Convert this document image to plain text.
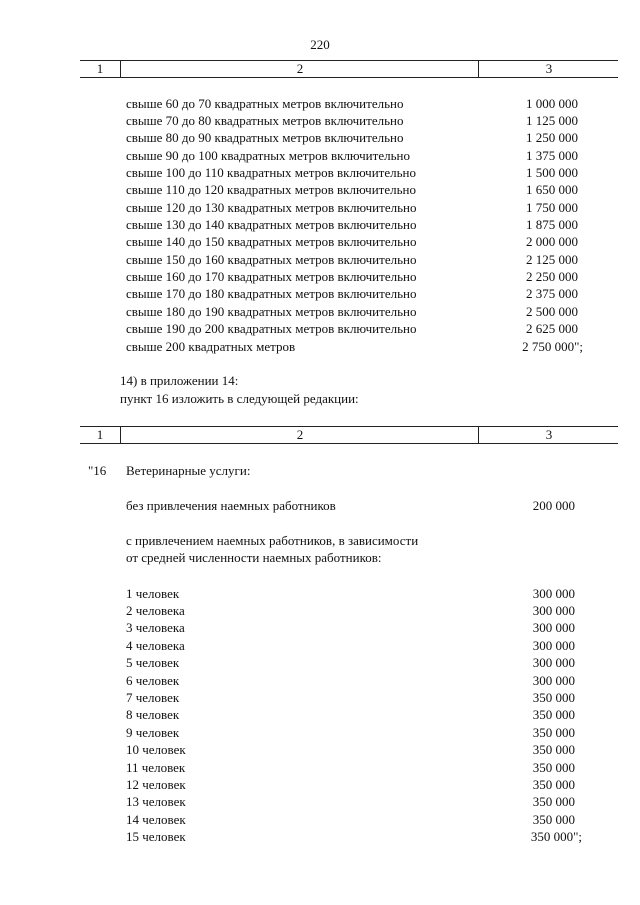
220
1	2	3
свыше 60 до 70 квадратных метров включительно	1 000 000
свыше 70 до 80 квадратных метров включительно	1 125 000
свыше 80 до 90 квадратных метров включительно	1 250 000
свыше 90 до 100 квадратных метров включительно	1 375 000
свыше 100 до 110 квадратных метров включительно	1 500 000
свыше 110 до 120 квадратных метров включительно	1 650 000
свыше 120 до 130 квадратных метров включительно	1 750 000
свыше 130 до 140 квадратных метров включительно	1 875 000
свыше 140 до 150 квадратных метров включительно	2 000 000
свыше 150 до 160 квадратных метров включительно	2 125 000
свыше 160 до 170 квадратных метров включительно	2 250 000
свыше 170 до 180 квадратных метров включительно	2 375 000
свыше 180 до 190 квадратных метров включительно	2 500 000
свыше 190 до 200 квадратных метров включительно	2 625 000
свыше 200 квадратных метров	2 750 000";
14) в приложении 14:
пункт 16 изложить в следующей редакции:
1	2	3
"16 Ветеринарные услуги:
без привлечения наемных работников	200 000
с привлечением наемных работников, в зависимости
от средней численности наемных работников:
1 человек	300 000
2 человека	300 000
3 человека	300 000
4 человека	300 000
5 человек	300 000
6 человек	300 000
7 человек	350 000
8 человек	350 000
9 человек	350 000
10 человек	350 000
11 человек	350 000
12 человек	350 000
13 человек	350 000
14 человек	350 000
15 человек	350 000";
